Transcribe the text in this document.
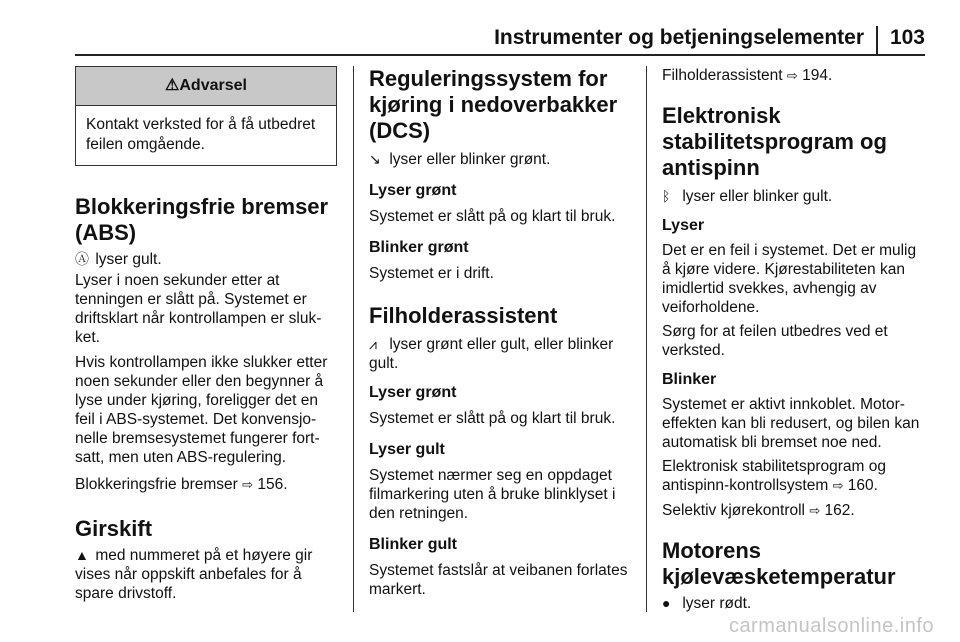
Instrumenter og betjeningselementer 103
⚠Advarsel
Kontakt verksted for å få utbedret feilen omgående.
Blokkeringsfrie bremser (ABS)

Ⓐ lyser gult.

Lyser i noen sekunder etter at tenningen er slått på. Systemet er driftsklart når kontrollampen er sluk-ket.

Hvis kontrollampen ikke slukker etter noen sekunder eller den begynner å lyse under kjøring, foreligger det en feil i ABS-systemet. Det konvensjo-nelle bremsesystemet fungerer fort-satt, men uten ABS-regulering.

Blokkeringsfrie bremser ⇨ 156.

Girskift

▲ med nummeret på et høyere gir vises når oppskift anbefales for å spare drivstoff.

Reguleringssystem for kjøring i nedoverbakker (DCS)

↘ lyser eller blinker grønt.

Lyser grønt

Systemet er slått på og klart til bruk.

Blinker grønt

Systemet er i drift.

Filholderassistent

⩘ lyser grønt eller gult, eller blinker gult.

Lyser grønt

Systemet er slått på og klart til bruk.

Lyser gult

Systemet nærmer seg en oppdaget filmarkering uten å bruke blinklyset i den retningen.

Blinker gult

Systemet fastslår at veibanen forlates markert.

Filholderassistent ⇨ 194.

Elektronisk stabilitetsprogram og antispinn

ᛒ lyser eller blinker gult.

Lyser

Det er en feil i systemet. Det er mulig å kjøre videre. Kjørestabiliteten kan imidlertid svekkes, avhengig av veiforholdene.

Sørg for at feilen utbedres ved et verksted.

Blinker

Systemet er aktivt innkoblet. Motor-effekten kan bli redusert, og bilen kan automatisk bli bremset noe ned.

Elektronisk stabilitetsprogram og antispinn-kontrollsystem ⇨ 160.

Selektiv kjørekontroll ⇨ 162.

Motorens kjølevæsketemperatur

● lyser rødt.

carmanualsonline.info
